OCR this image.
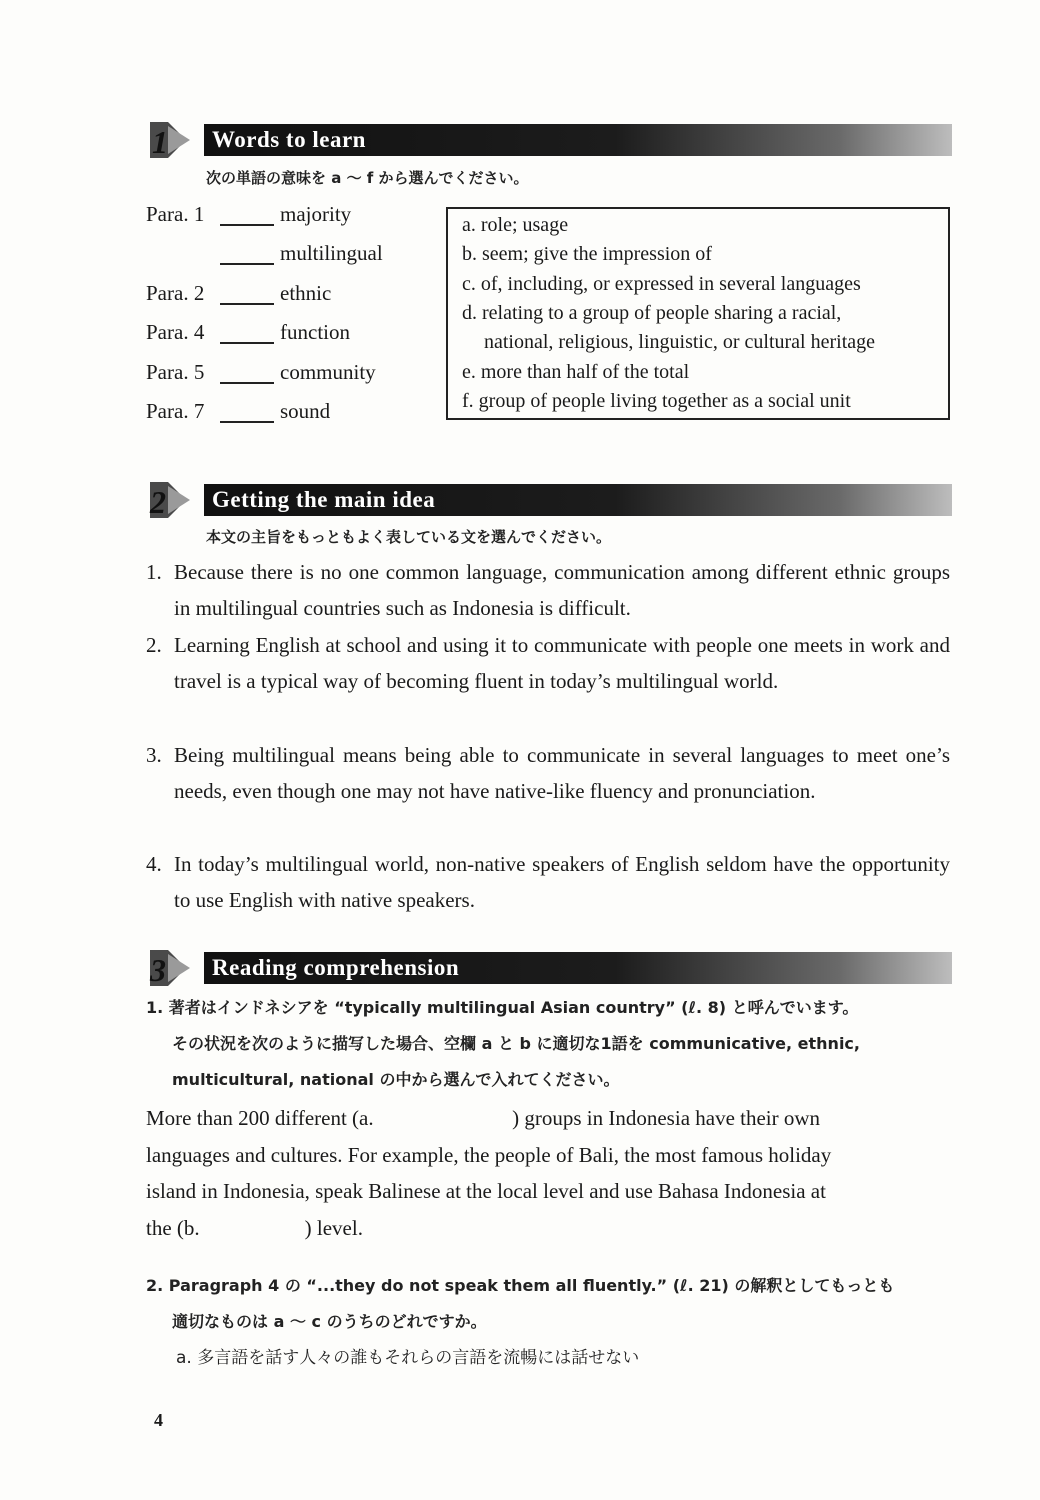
1 Words to learn
次の単語の意味を a ～ f から選んでください。
Para. 1	majority
multilingual
Para. 2	ethnic
Para. 4	function
Para. 5	community
Para. 7	sound
a. role; usage
b. seem; give the impression of
c. of, including, or expressed in several languages
d. relating to a group of people sharing a racial,
national, religious, linguistic, or cultural heritage
e. more than half of the total
f. group of people living together as a social unit
2 Getting the main idea
本文の主旨をもっともよく表している文を選んでください。
1. Because there is no one common language, communication among different ethnic groups in multilingual countries such as Indonesia is difficult.
2. Learning English at school and using it to communicate with people one meets in work and travel is a typical way of becoming fluent in today’s multilingual world.
3. Being multilingual means being able to communicate in several languages to meet one’s needs, even though one may not have native-like fluency and pronunciation.
4. In today’s multilingual world, non-native speakers of English seldom have the opportunity to use English with native speakers.
3 Reading comprehension
1. 著者はインドネシアを “typically multilingual Asian country” (ℓ. 8) と呼んでいます。
その状況を次のように描写した場合、空欄 a と b に適切な1語を communicative, ethnic,
multicultural, national の中から選んで入れてください。
More than 200 different (a.	) groups in Indonesia have their own
languages and cultures. For example, the people of Bali, the most famous holiday
island in Indonesia, speak Balinese at the local level and use Bahasa Indonesia at
the (b.                    ) level.
2. Paragraph 4 の “...they do not speak them all fluently.” (ℓ. 21) の解釈としてもっとも
適切なものは a ～ c のうちのどれですか。
a. 多言語を話す人々の誰もそれらの言語を流暢には話せない
4
